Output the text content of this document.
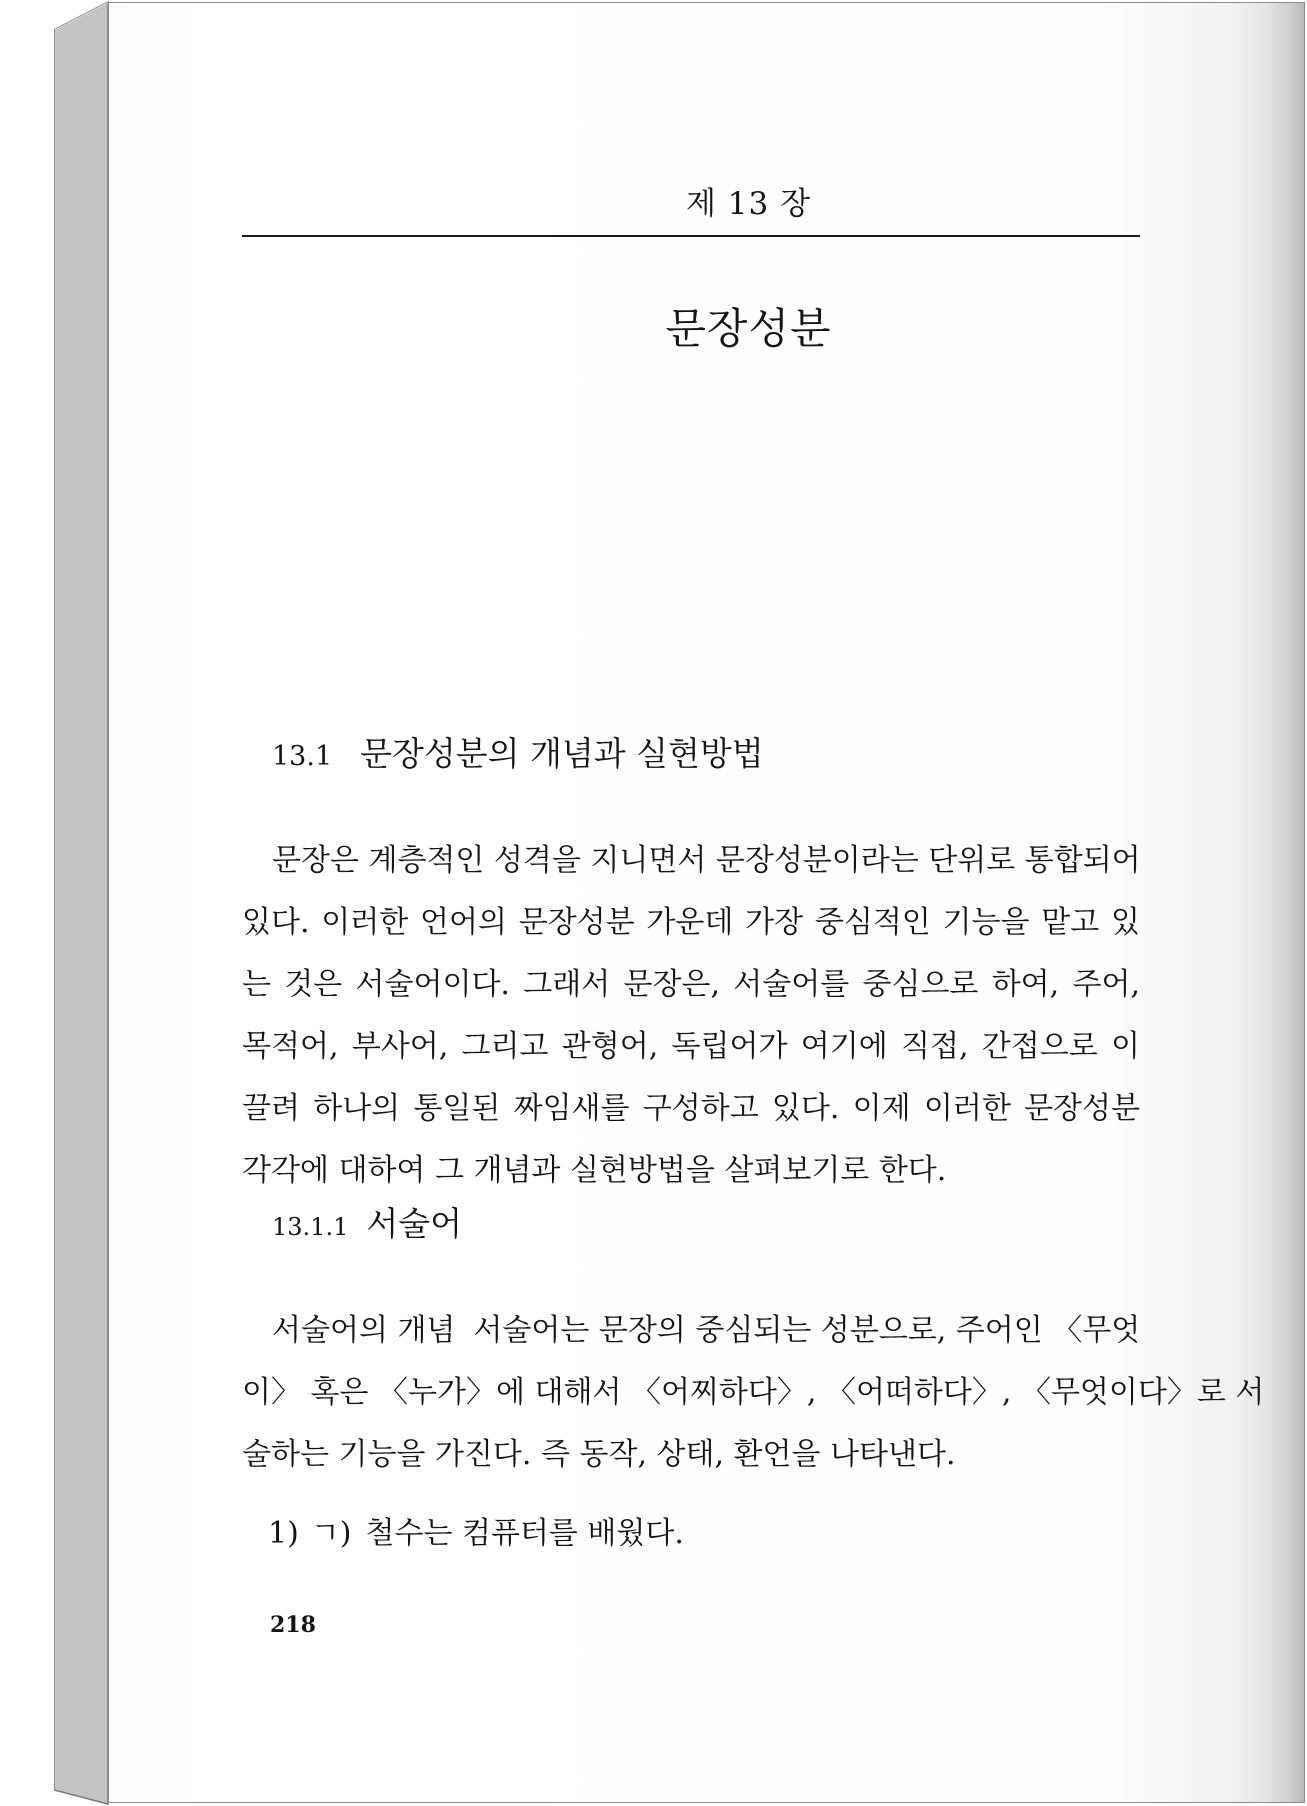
제 13 장
문장성분
13.1 문장성분의 개념과 실현방법
문장은 계층적인 성격을 지니면서 문장성분이라는 단위로 통합되어
있다. 이러한 언어의 문장성분 가운데 가장 중심적인 기능을 맡고 있
는 것은 서술어이다. 그래서 문장은, 서술어를 중심으로 하여, 주어,
목적어, 부사어, 그리고 관형어, 독립어가 여기에 직접, 간접으로 이
끌려 하나의 통일된 짜임새를 구성하고 있다. 이제 이러한 문장성분
각각에 대하여 그 개념과 실현방법을 살펴보기로 한다.
13.1.1 서술어
서술어의 개념 서술어는 문장의 중심되는 성분으로, 주어인 〈무엇
이〉 혹은 〈누가〉에 대해서 〈어찌하다〉, 〈어떠하다〉, 〈무엇이다〉로 서
술하는 기능을 가진다. 즉 동작, 상태, 환언을 나타낸다.
1) ㄱ) 철수는 컴퓨터를 배웠다.
218
